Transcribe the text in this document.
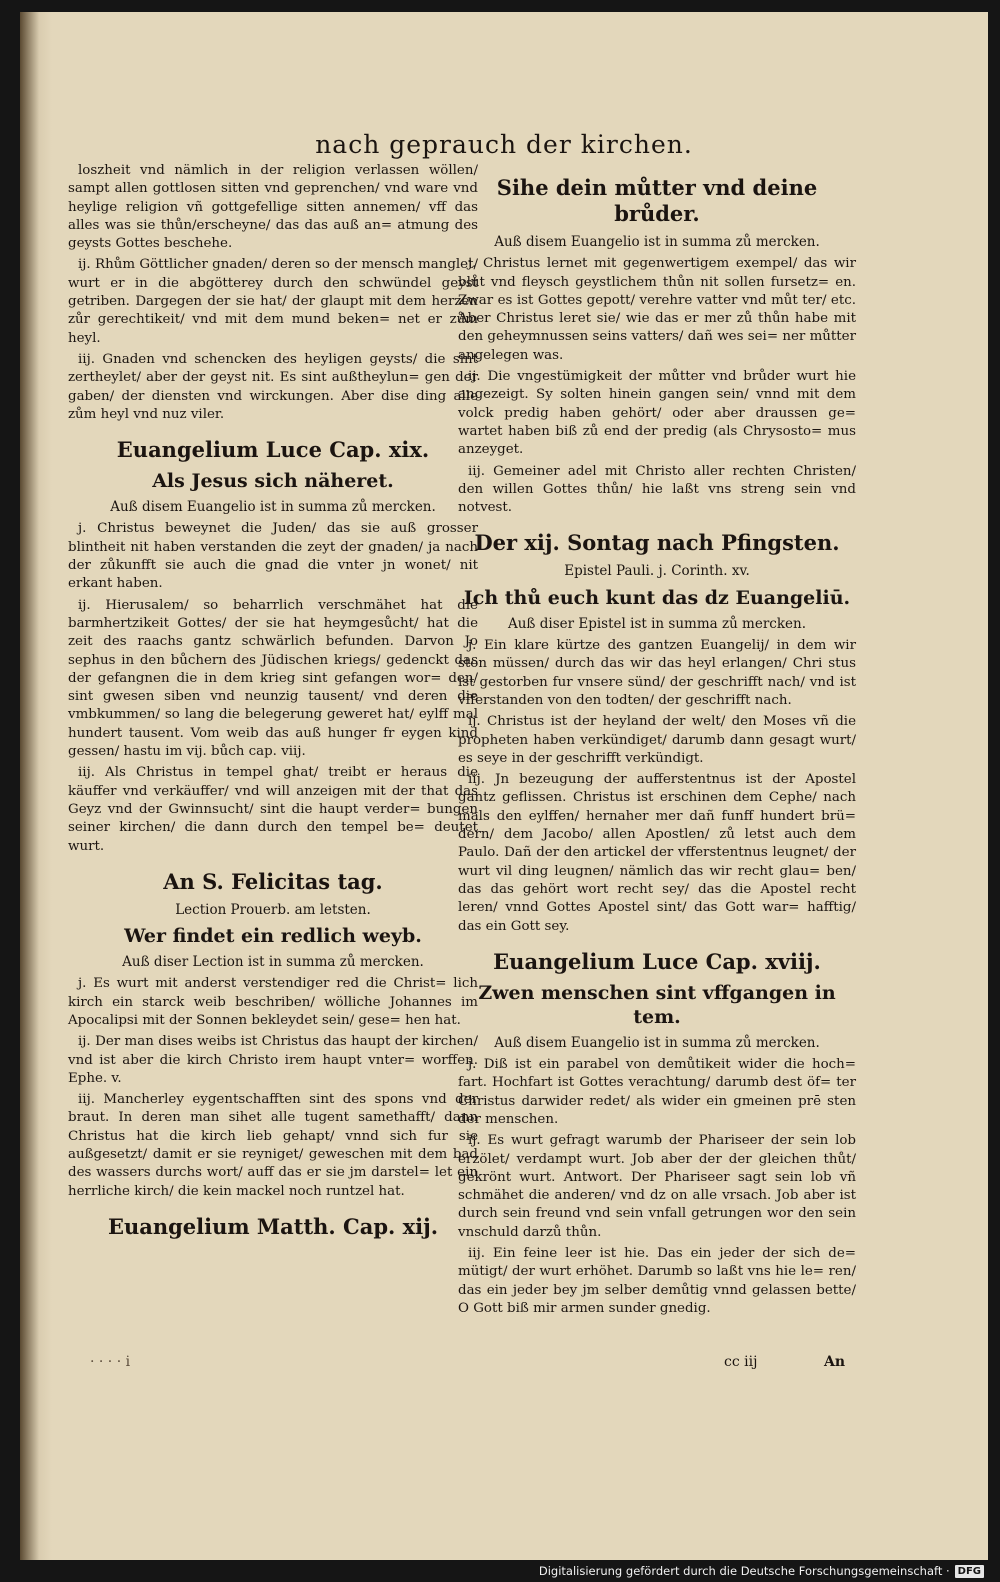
nach geprauch der kirchen.

loszheit vnd nämlich in der religion verlassen wöllen/ sampt allen gottlosen sitten vnd geprenchen/ vnd ware vnd heylige religion vñ gottgefellige sitten annemen/ vff das alles was sie thůn/erscheyne/ das das auß an= atmung des geysts Gottes beschehe.

ij. Rhům Göttlicher gnaden/ deren so der mensch manglet/ wurt er in die abgötterey durch den schwündel geyst getriben. Dargegen der sie hat/ der glaupt mit dem herzen zůr gerechtikeit/ vnd mit dem mund beken= net er zům heyl.

iij. Gnaden vnd schencken des heyligen geysts/ die sint zertheylet/ aber der geyst nit. Es sint außtheylun= gen der gaben/ der diensten vnd wirckungen. Aber dise ding alle zům heyl vnd nuz viler.

Euangelium Luce Cap. xix.
Als Jesus sich näheret.
Auß disem Euangelio ist in summa zů mercken.

j. Christus beweynet die Juden/ das sie auß grosser blintheit nit haben verstanden die zeyt der gnaden/ ja nach der zůkunfft sie auch die gnad die vnter jn wonet/ nit erkant haben.

ij. Hierusalem/ so beharrlich verschmähet hat die barmhertzikeit Gottes/ der sie hat heymgesůcht/ hat die zeit des raachs gantz schwärlich befunden. Darvon Jo sephus in den bůchern des Jüdischen kriegs/ gedenckt das der gefangnen die in dem krieg sint gefangen wor= den/ sint gwesen siben vnd neunzig tausent/ vnd deren die vmbkummen/ so lang die belegerung geweret hat/ eylff mal hundert tausent. Vom weib das auß hunger fr eygen kind gessen/ hastu im vij. bůch cap. viij.

iij. Als Christus in tempel ghat/ treibt er heraus die käuffer vnd verkäuffer/ vnd will anzeigen mit der that das Geyz vnd der Gwinnsucht/ sint die haupt verder= bungen seiner kirchen/ die dann durch den tempel be= deutet wurt.

An S. Felicitas tag.
Lection Prouerb. am letsten.
Wer findet ein redlich weyb.
Auß diser Lection ist in summa zů mercken.

j. Es wurt mit anderst verstendiger red die Christ= lich kirch ein starck weib beschriben/ wölliche Johannes im Apocalipsi mit der Sonnen bekleydet sein/ gese= hen hat.

ij. Der man dises weibs ist Christus das haupt der kirchen/ vnd ist aber die kirch Christo irem haupt vnter= worffen. Ephe. v.

iij. Mancherley eygentschafften sint des spons vnd der braut. In deren man sihet alle tugent samethafft/ dann Christus hat die kirch lieb gehapt/ vnnd sich fur sie außgesetzt/ damit er sie reyniget/ geweschen mit dem bad des wassers durchs wort/ auff das er sie jm darstel= let ein herrliche kirch/ die kein mackel noch runtzel hat.

Euangelium Matth. Cap. xij.
Sihe dein můtter vnd deine brůder.
Auß disem Euangelio ist in summa zů mercken.

j. Christus lernet mit gegenwertigem exempel/ das wir blůt vnd fleysch geystlichem thůn nit sollen fursetz= en. Zwar es ist Gottes gepott/ verehre vatter vnd můt ter/ etc. Aber Christus leret sie/ wie das er mer zů thůn habe mit den geheymnussen seins vatters/ dañ wes sei= ner můtter angelegen was.

ij. Die vngestümigkeit der můtter vnd brůder wurt hie angezeigt. Sy solten hinein gangen sein/ vnnd mit dem volck predig haben gehört/ oder aber draussen ge= wartet haben biß zů end der predig (als Chrysosto= mus anzeyget.

iij. Gemeiner adel mit Christo aller rechten Christen/ den willen Gottes thůn/ hie laßt vns streng sein vnd notvest.

Der xij. Sontag nach Pfingsten.
Epistel Pauli. j. Corinth. xv.
Ich thů euch kunt das dz Euangeliū.
Auß diser Epistel ist in summa zů mercken.

j. Ein klare kürtze des gantzen Euangelij/ in dem wir ston müssen/ durch das wir das heyl erlangen/ Chri stus ist gestorben fur vnsere sünd/ der geschrifft nach/ vnd ist vfferstanden von den todten/ der geschrifft nach.

ij. Christus ist der heyland der welt/ den Moses vñ die propheten haben verkündiget/ darumb dann gesagt wurt/ es seye in der geschrifft verkündigt.

iij. Jn bezeugung der aufferstentnus ist der Apostel gantz geflissen. Christus ist erschinen dem Cephe/ nach mals den eylffen/ hernaher mer dañ funff hundert brü= dern/ dem Jacobo/ allen Apostlen/ zů letst auch dem Paulo. Dañ der den artickel der vfferstentnus leugnet/ der wurt vil ding leugnen/ nämlich das wir recht glau= ben/ das das gehört wort recht sey/ das die Apostel recht leren/ vnnd Gottes Apostel sint/ das Gott war= hafftig/ das ein Gott sey.

Euangelium Luce Cap. xviij.
Zwen menschen sint vffgangen in tem.
Auß disem Euangelio ist in summa zů mercken.

j. Diß ist ein parabel von demůtikeit wider die hoch= fart. Hochfart ist Gottes verachtung/ darumb dest öf= ter Christus darwider redet/ als wider ein gmeinen prē sten der menschen.

ij. Es wurt gefragt warumb der Phariseer der sein lob erzölet/ verdampt wurt. Job aber der der gleichen thůt/ gekrönt wurt. Antwort. Der Phariseer sagt sein lob vñ schmähet die anderen/ vnd dz on alle vrsach. Job aber ist durch sein freund vnd sein vnfall getrungen wor den sein vnschuld darzů thůn.

iij. Ein feine leer ist hie. Das ein jeder der sich de= mütigt/ der wurt erhöhet. Darumb so laßt vns hie le= ren/ das ein jeder bey jm selber demůtig vnnd gelassen bette/ O Gott biß mir armen sunder gnedig.

· · · · i	cc iij	An
Digitalisierung gefördert durch die Deutsche Forschungsgemeinschaft · DFG
